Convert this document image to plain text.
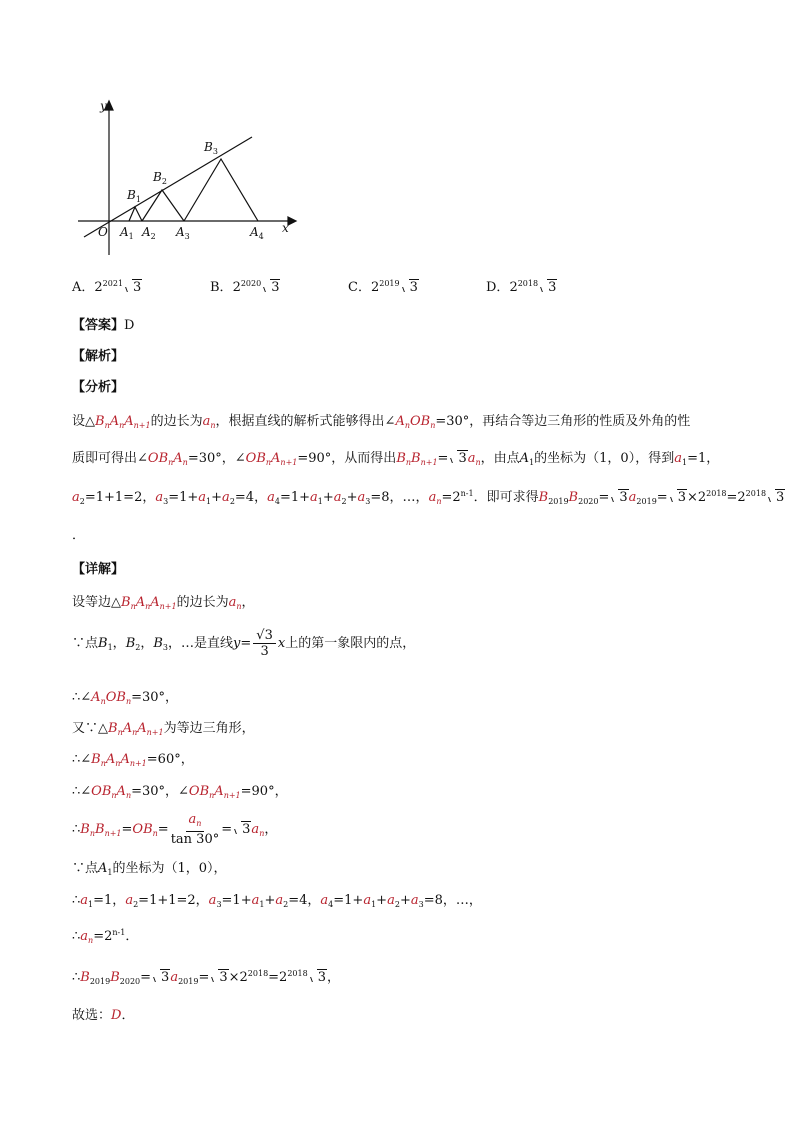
y
x
O
$B_1$
$B_2$
$B_3$
$A_1$ $A_2$ $A_3$	$A_4$
A．$2^{2021}$ 3	B．$2^{2020}$ 3	C．$2^{2019}$ 3	D．$2^{2018}$ 3
【答案】D
【解析】
【分析】
设$\triangle B_nA_nA_{n+1}$的边长为$a_n$，根据直线的解析式能够得出$\angle A_nOB_n=30^\circ$，再结合等边三角形的性质及外角的性
质即可得出$\angle OB_nA_n=30^\circ$，$\angle OB_nA_{n+1}=90^\circ$，从而得出$B_nB_{n+1}= 3a_n$，由点$A_1$的坐标为（1，0），得到$a_1=1$，
$a_2=1+1=2$，$a_3=1+a_1+a_2=4$，$a_4=1+a_1+a_2+a_3=8$，…，$a_n=2^{n-1}$．即可求得$B_{2019}B_{2020}= 3a_{2019}= 3\times 2^{2018}=2^{2018}$ 3
．
【详解】
设等边$\triangle B_nA_nA_{n+1}$的边长为$a_n$，
∵点$B_1$，$B_2$，$B_3$，…是直线$y= \frac{√3}{3}$ x上的第一象限内的点，
$\therefore\angle A_nOB_n=30^\circ$，
又$\because\triangle B_nA_nA_{n+1}$为等边三角形，
$\therefore\angle B_nA_nA_{n+1}=60^\circ$，
$\therefore\angle OB_nA_n=30^\circ$，$\angle OB_nA_{n+1}=90^\circ$，
$\therefore B_nB_{n+1}=OB_n= \frac{a_n}{\tan 30^\circ} = 3a_n$，
∵点$A_1$的坐标为（1，0），
$\therefore a_1=1$，$a_2=1+1=2$，$a_3=1+a_1+a_2=4$，$a_4=1+a_1+a_2+a_3=8$，…，
$\therefore a_n=2^{n-1}$．
$\therefore B_{2019}B_{2020}= 3a_{2019}= 3\times 2^{2018}=2^{2018}$ 3，
故选：D．
